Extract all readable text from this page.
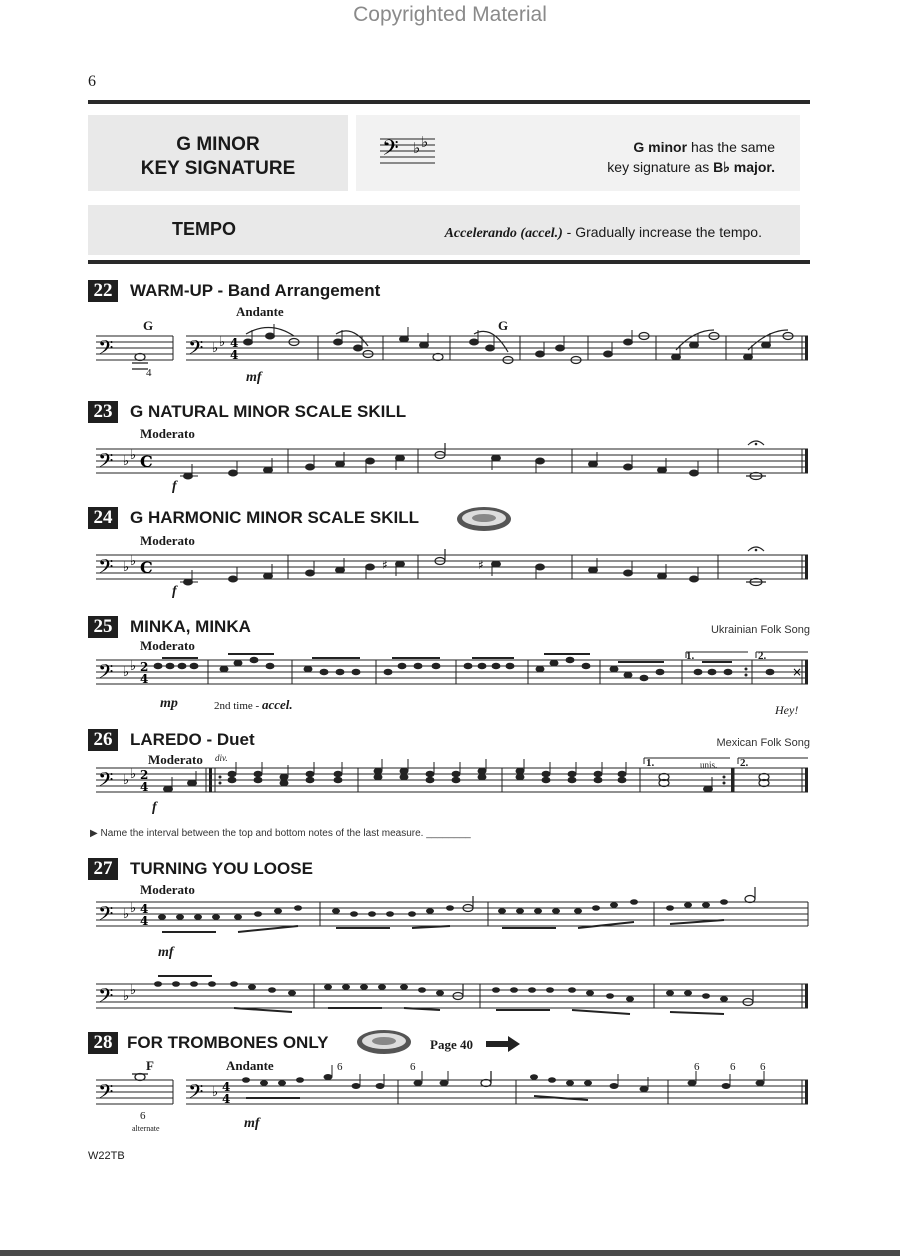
Copyrighted Material
6
G MINOR
KEY SIGNATURE
𝄢 ♭ ♭	G minor has the same
key signature as B♭ major.
TEMPO	Accelerando (accel.) - Gradually increase the tempo.
22	WARM-UP - Band Arrangement
Andante
G	G
4	mf
𝄢	𝄢 ♭ ♭ 4
4
23	G NATURAL MINOR SCALE SKILL
Moderato
f
𝄢 ♭ ♭ C
24	G HARMONIC MINOR SCALE SKILL
Moderato
f
𝄢 ♭ ♭ C	♯	♯
25	MINKA, MINKA	Ukrainian Folk Song
Moderato
1.	2.
𝄢 ♭ ♭ 2
4	×
mp	2nd time - accel.	Hey!
26	LAREDO - Duet	Mexican Folk Song
Moderato div.	1.	unis. 2.
𝄢 ♭ ♭ 2
4
f
▶ Name the interval between the top and bottom notes of the last measure. ________
27	TURNING YOU LOOSE
Moderato
𝄢 ♭ ♭ 4
4
mf
𝄢 ♭ ♭
28 FOR TROMBONES ONLY	Page 40
F	Andante	6	6	6	6 6
𝄢	𝄢 ♭ 4
4
6
alternate	mf
W22TB
